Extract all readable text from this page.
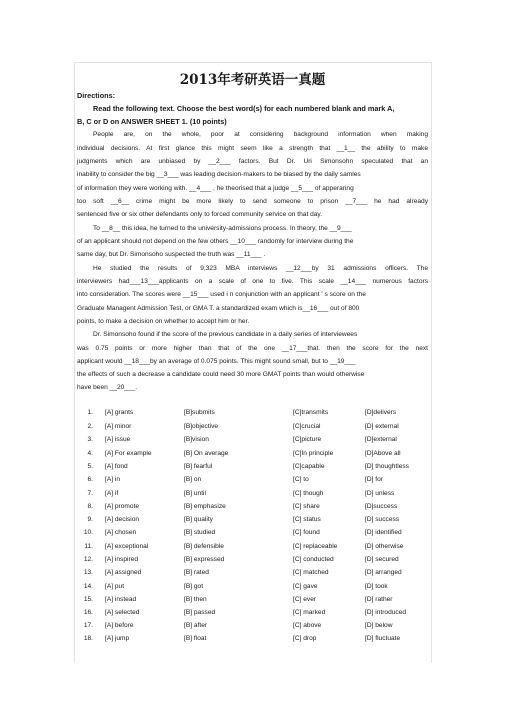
2013年考研英语一真题
Directions:
Read the following text. Choose the best word(s) for each numbered blank and mark A,
B, C or D on ANSWER SHEET 1. (10 points)
People are, on the whole, poor at considering background information when making
individual decisions. At first glance this might seem like a strength that __1__ the ability to make
judgments which are unbiased by __2___ factors. But Dr. Uri Simonsohn speculated that an
inability to consider the big __3___ was leading decision-makers to be biased by the daily samles
of information they were working with. __4___ , he theorised that a judge __5___ of apperaring
too soft __6__ crime might be more likely to send someone to prison __7___ he had already
sentenced five or six other defendants only to forced community service on that day.
To __8__ this idea, he turned to the university-admissions process. In theory, the __9___
of an applicant should not depend on the few others __10___ randomly for interview during the
same day, but Dr. Simonsoho suspected the truth was __11___ .
He studied the results of 9,323 MBA interviews __12___by 31 admissions officers. The
interviewers had___13___applicants on a scale of one to five. This scale __14___ numerous factors
into consideration. The scores were __15___ used i n conjunction with an applicant ' s score on the
Graduate Managent Admission Test, or GMA T. a standardized exam which is__16___ out of 800
points, to make a decision on whether to accept him or her.
Dr. Simonsoho found if the score of the previous candidate in a daily series of interviewees
was 0.75 points or more higher than that of the one __17___that. then the score for the next
applicant would __18___by an average of 0.075 points. This might sound small, but to __19___
the effects of such a decrease a candidate could need 30 more GMAT points than would otherwise
have been __20___.
1. [A] grants	[B]submits	[C]transmits	[D]delivers
2. [A] minor	[B]objective	[C]crucial	[D] external
3. [A] issue	[B]vision	[C]picture	[D]external
4. [A] For example	[B] On average	[C]In principle	[D]Above all
5. [A] fond	[B] fearful	[C]capable	[D] thoughtless
6. [A] in	[B] on	[C] to	[D] for
7. [A] if	[B] until	[C] though	[D] unless
8. [A] promote	[B] emphasize	[C] share	[D]success
9. [A] decision	[B] quality	[C] status	[D] success
10. [A] chosen	[B] studied	[C] found	[D] identified
11. [A] exceptional	[B] defensible	[C] replaceable	[D] otherwise
12. [A] inspired	[B] expressed	[C] conducted	[D] secured
13. [A] assigned	[B] rated	[C] matched	[D] arranged
14. [A] put	[B] got	[C] gave	[D] took
15. [A] instead	[B] then	[C] ever	[D] rather
16. [A] selected	[B] passed	[C] marked	[D] introduced
17. [A] before	[B] after	[C] above	[D] below
18. [A] jump	[B] float	[C] drop	[D] fluctuate
